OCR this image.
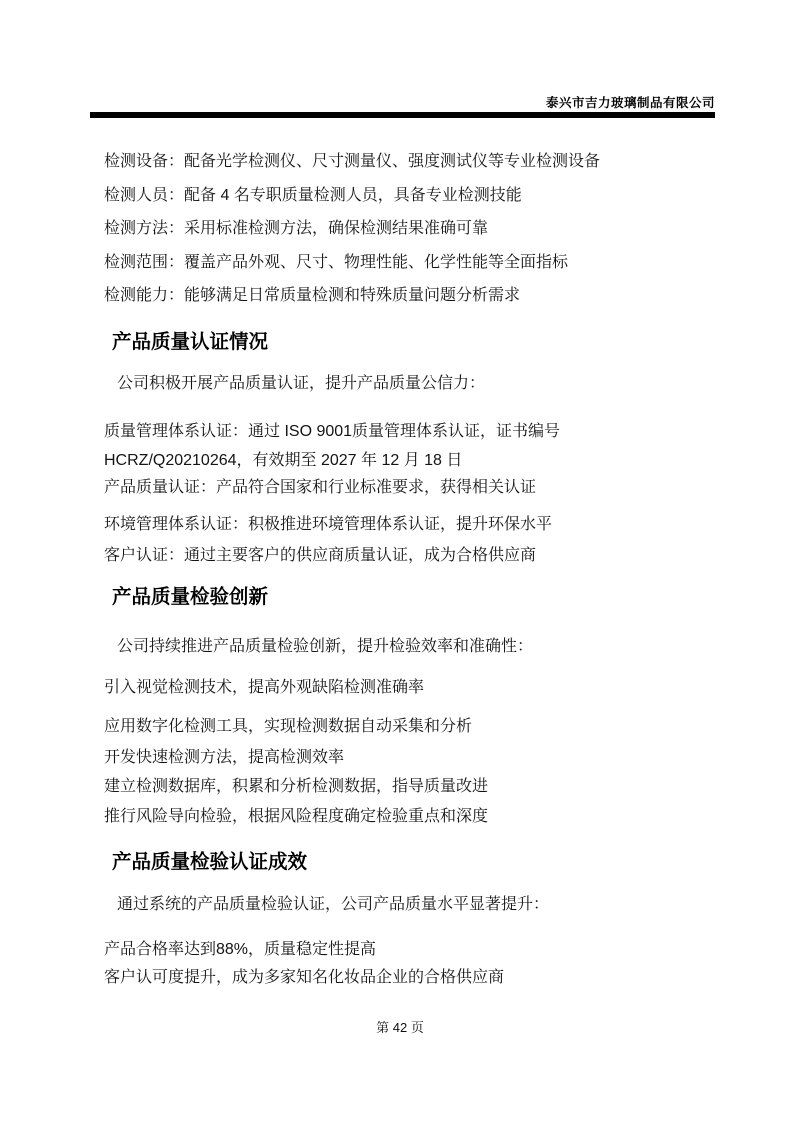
泰兴市吉力玻璃制品有限公司

检测设备：配备光学检测仪、尺寸测量仪、强度测试仪等专业检测设备

检测人员：配备 4 名专职质量检测人员，具备专业检测技能

检测方法：采用标准检测方法，确保检测结果准确可靠

检测范围：覆盖产品外观、尺寸、物理性能、化学性能等全面指标

检测能力：能够满足日常质量检测和特殊质量问题分析需求

产品质量认证情况

公司积极开展产品质量认证，提升产品质量公信力：

质量管理体系认证：通过 ISO 9001质量管理体系认证，证书编号

HCRZ/Q20210264，有效期至 2027 年 12 月 18 日

产品质量认证：产品符合国家和行业标准要求，获得相关认证

环境管理体系认证：积极推进环境管理体系认证，提升环保水平

客户认证：通过主要客户的供应商质量认证，成为合格供应商

产品质量检验创新

公司持续推进产品质量检验创新，提升检验效率和准确性：

引入视觉检测技术，提高外观缺陷检测准确率

应用数字化检测工具，实现检测数据自动采集和分析

开发快速检测方法，提高检测效率

建立检测数据库，积累和分析检测数据，指导质量改进

推行风险导向检验，根据风险程度确定检验重点和深度

产品质量检验认证成效

通过系统的产品质量检验认证，公司产品质量水平显著提升：

产品合格率达到88%，质量稳定性提高

客户认可度提升，成为多家知名化妆品企业的合格供应商

第 42 页
